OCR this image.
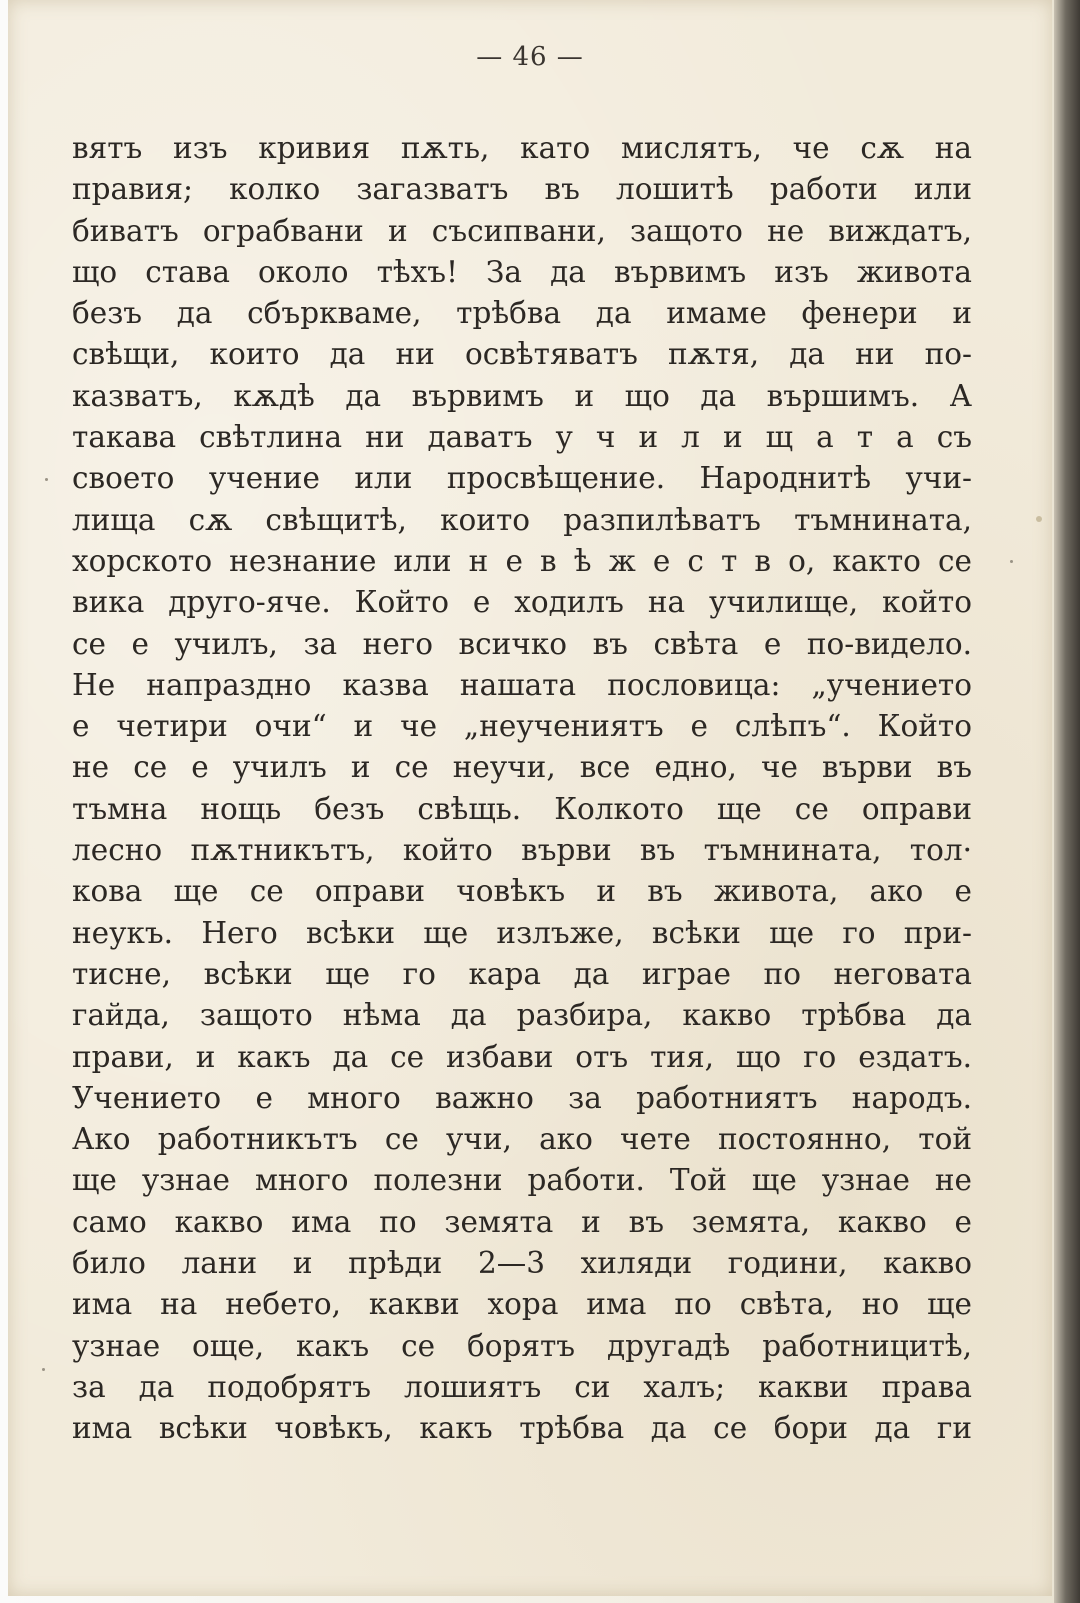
— 46 —
вятъ изъ кривия пѫть, като мислятъ, че сѫ на
правия; колко загазватъ въ лошитѣ работи или
биватъ ограбвани и съсипвани, защото не виждатъ,
що става около тѣхъ! За да вървимъ изъ живота
безъ да сбъркваме, трѣбва да имаме фенери и
свѣщи, които да ни освѣтяватъ пѫтя, да ни по-
казватъ, кѫдѣ да вървимъ и що да вършимъ. А
такава свѣтлина ни даватъ у ч и л и щ а т а съ
своето учение или просвѣщение. Народнитѣ учи-
лища сѫ свѣщитѣ, които разпилѣватъ тъмнината,
хорското незнание или н е в ѣ ж е с т в о, както се
вика друго-яче. Който е ходилъ на училище, който
се е училъ, за него всичко въ свѣта е по-видело.
Не напраздно казва нашата пословица: „учението
е четири очи“ и че „неучениятъ е слѣпъ“. Който
не се е училъ и се неучи, все едно, че върви въ
тъмна нощь безъ свѣщь. Колкото ще се оправи
лесно пѫтникътъ, който върви въ тъмнината, тол·
кова ще се оправи човѣкъ и въ живота, ако е
неукъ. Него всѣки ще излъже, всѣки ще го при-
тисне, всѣки ще го кара да играе по неговата
гайда, защото нѣма да разбира, какво трѣбва да
прави, и какъ да се избави отъ тия, що го ездатъ.
Учението е много важно за работниятъ народъ.
Ако работникътъ се учи, ако чете постоянно, той
ще узнае много полезни работи. Той ще узнае не
само какво има по земята и въ земята, какво е
било лани и прѣди 2—3 хиляди години, какво
има на небето, какви хора има по свѣта, но ще
узнае още, какъ се борятъ другадѣ работницитѣ,
за да подобрятъ лошиятъ си халъ; какви права
има всѣки човѣкъ, какъ трѣбва да се бори да ги
